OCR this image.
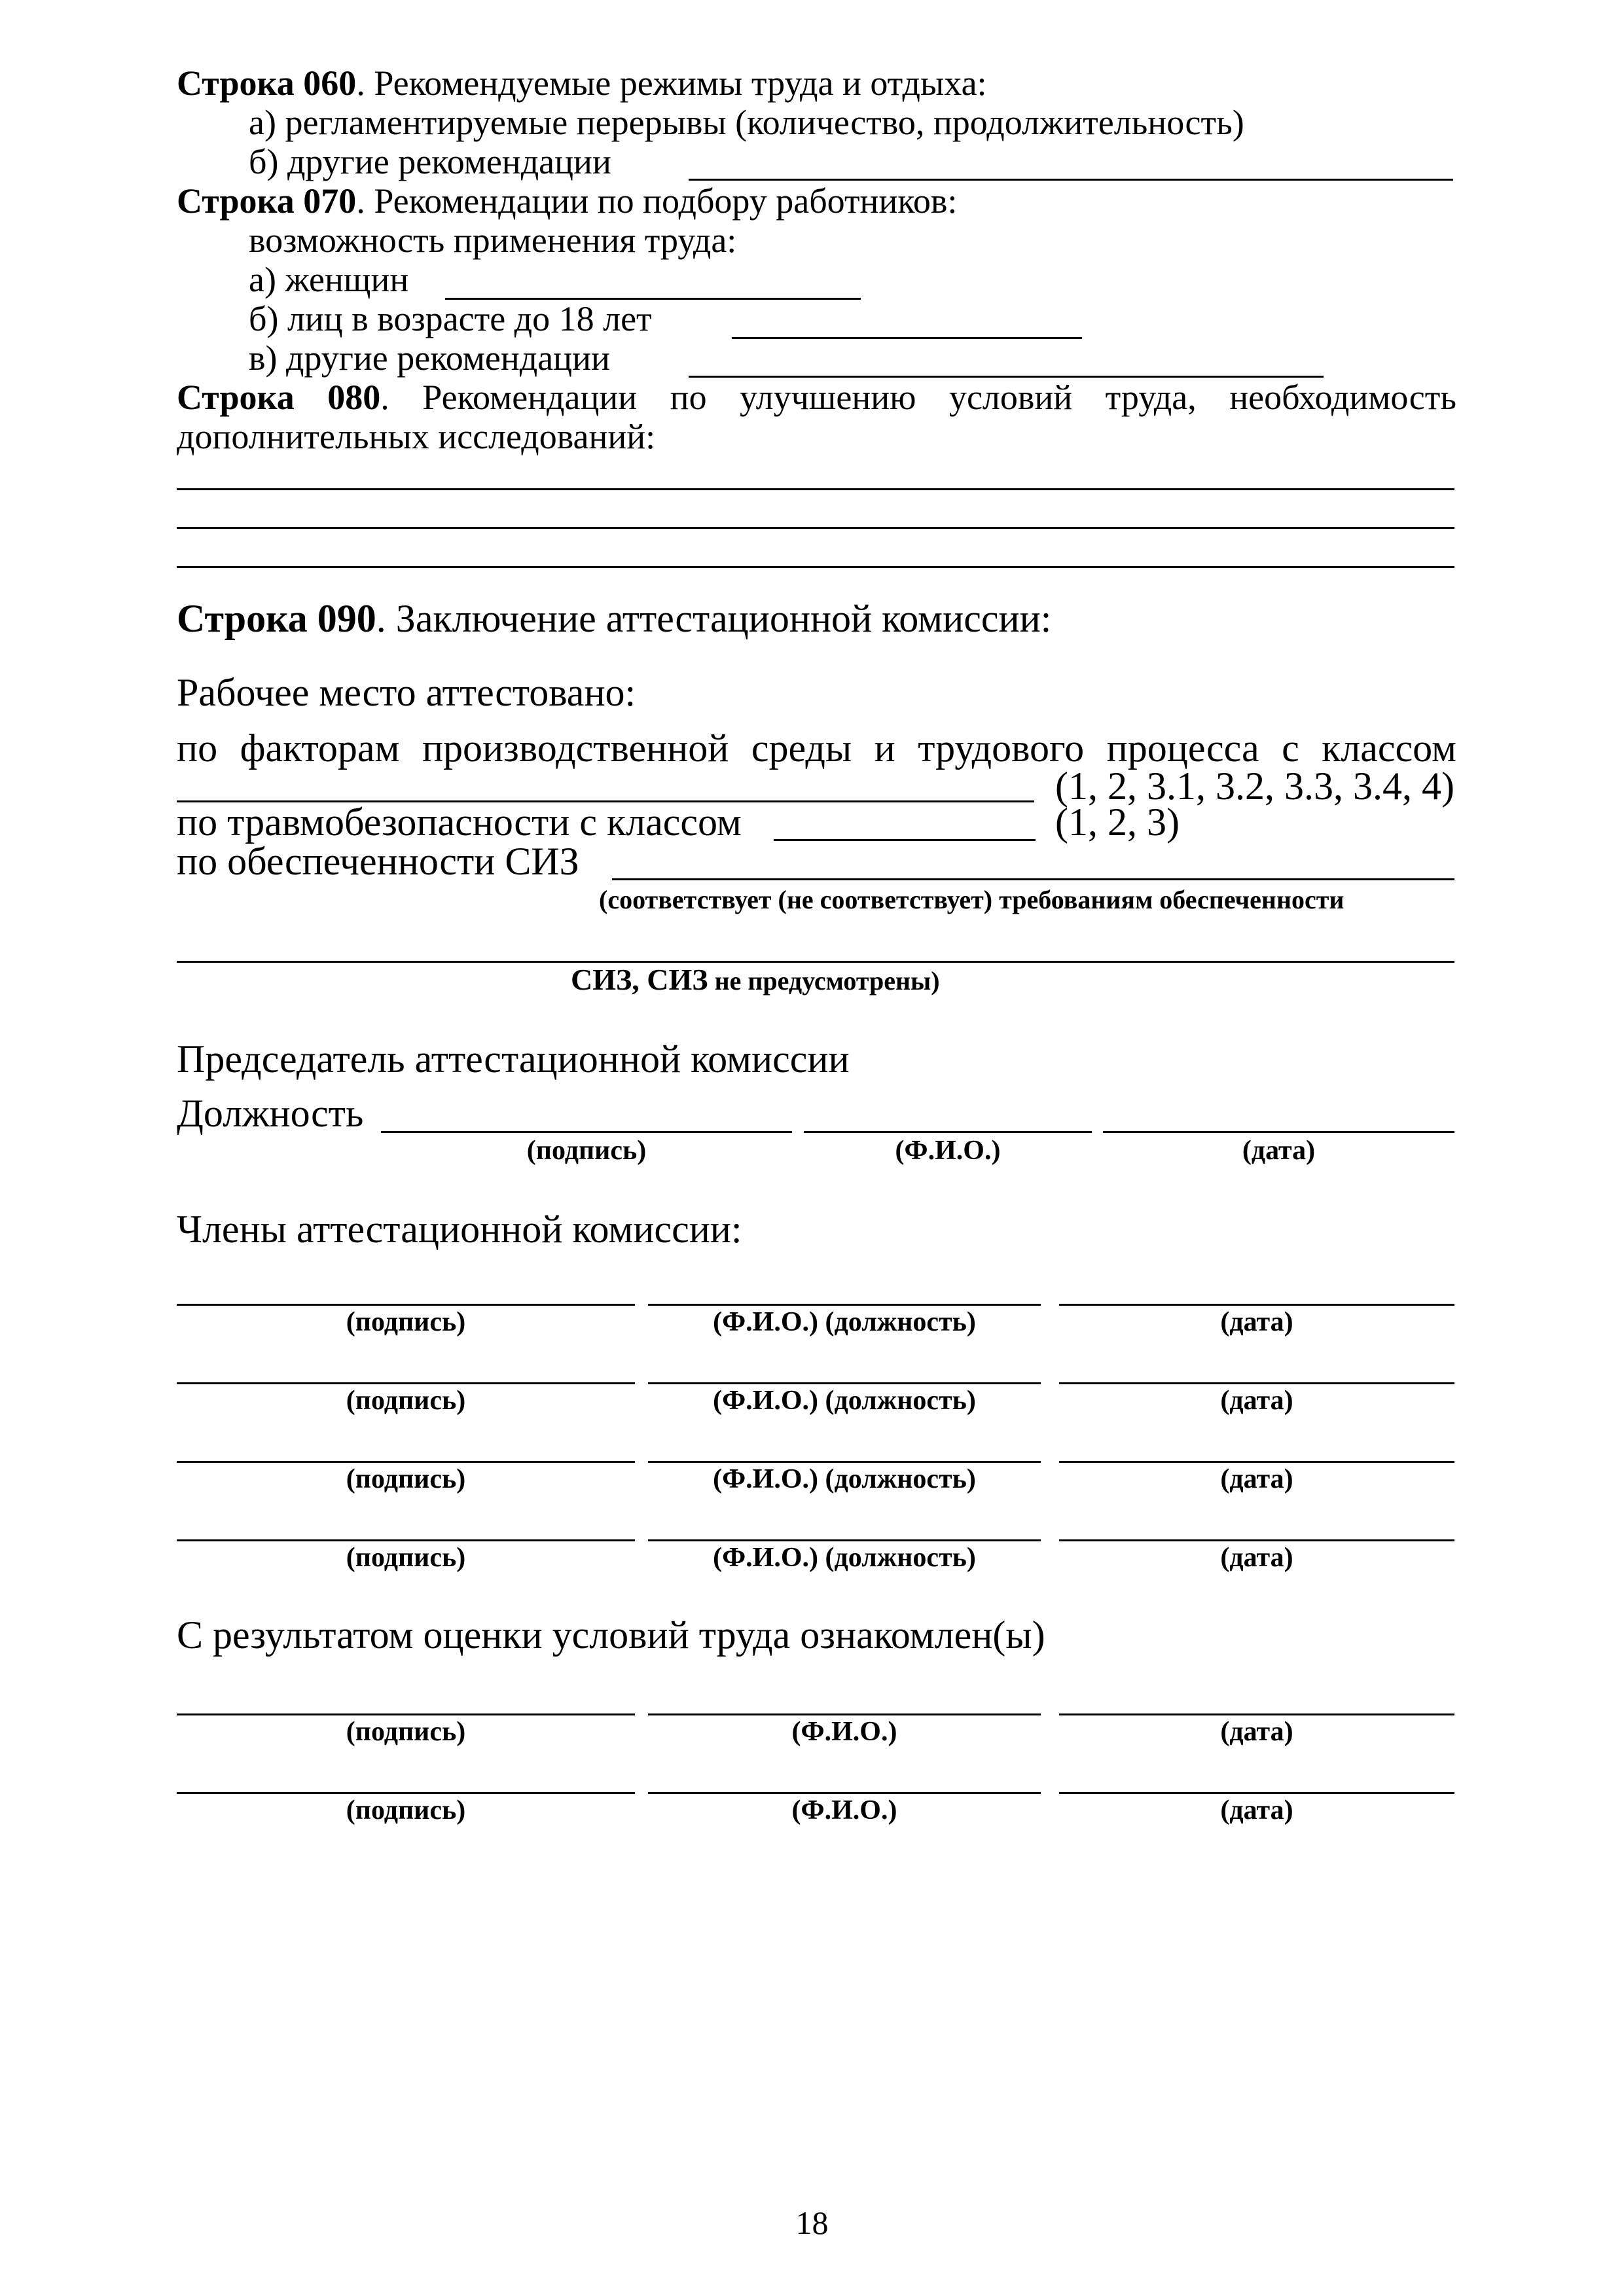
Строка 060. Рекомендуемые режимы труда и отдыха:
а) регламентируемые перерывы (количество, продолжительность)
б) другие рекомендации
Строка 070. Рекомендации по подбору работников:
возможность применения труда:
а) женщин
б) лиц в возрасте до 18 лет
в) другие рекомендации
Строка 080. Рекомендации по улучшению условий труда, необходимость
дополнительных исследований:
Строка 090. Заключение аттестационной комиссии:
Рабочее место аттестовано:
по факторам производственной среды и трудового процесса с классом
(1, 2, 3.1, 3.2, 3.3, 3.4, 4)
по травмобезопасности с классом	(1, 2, 3)
по обеспеченности СИЗ
(соответствует (не соответствует) требованиям обеспеченности
СИЗ, СИЗ не предусмотрены)
Председатель аттестационной комиссии
Должность
(подпись)	(Ф.И.О.)	(дата)
Члены аттестационной комиссии:
(подпись)	(Ф.И.О.) (должность)	(дата)
(подпись)	(Ф.И.О.) (должность)	(дата)
(подпись)	(Ф.И.О.) (должность)	(дата)
(подпись)	(Ф.И.О.) (должность)	(дата)
С результатом оценки условий труда ознакомлен(ы)
(подпись)	(Ф.И.О.)	(дата)
(подпись)	(Ф.И.О.)	(дата)
18
